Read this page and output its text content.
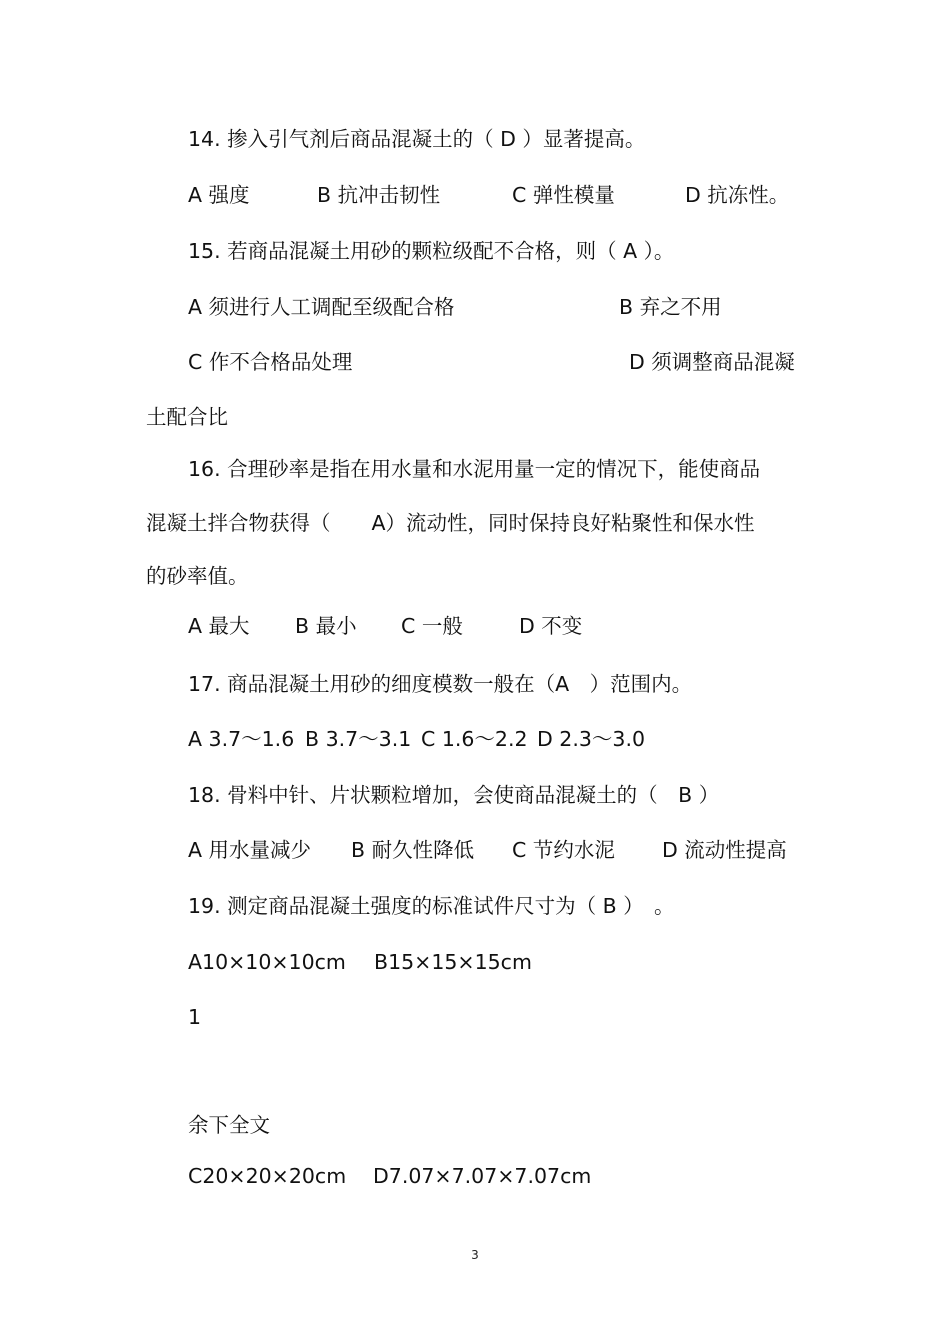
14. 掺入引气剂后商品混凝土的（ D ）显著提高。

A 强度

	B 抗冲击韧性

	C 弹性模量

	D 抗冻性。

15. 若商品混凝土用砂的颗粒级配不合格，则（ A ）。

A 须进行人工调配至级配合格

	B 弃之不用

C 作不合格品处理

	D 须调整商品混凝

土配合比
16. 合理砂率是指在用水量和水泥用量一定的情况下，能使商品
混凝土拌合物获得（　　A）流动性，同时保持良好粘聚性和保水性
的砂率值。

A 最大

B 最小

C 一般

	D 不变

17. 商品混凝土用砂的细度模数一般在（A　）范围内。

A 3.7～1.6

B 3.7～3.1

C 1.6～2.2

D 2.3～3.0

18. 骨料中针、片状颗粒增加，会使商品混凝土的（　B ）

A 用水量减少

B 耐久性降低

C 节约水泥

D 流动性提高

19. 测定商品混凝土强度的标准试件尺寸为（ B ）　。

A10×10×10cm

B15×15×15cm

1
余下全文

C20×20×20cm

D7.07×7.07×7.07cm

3
